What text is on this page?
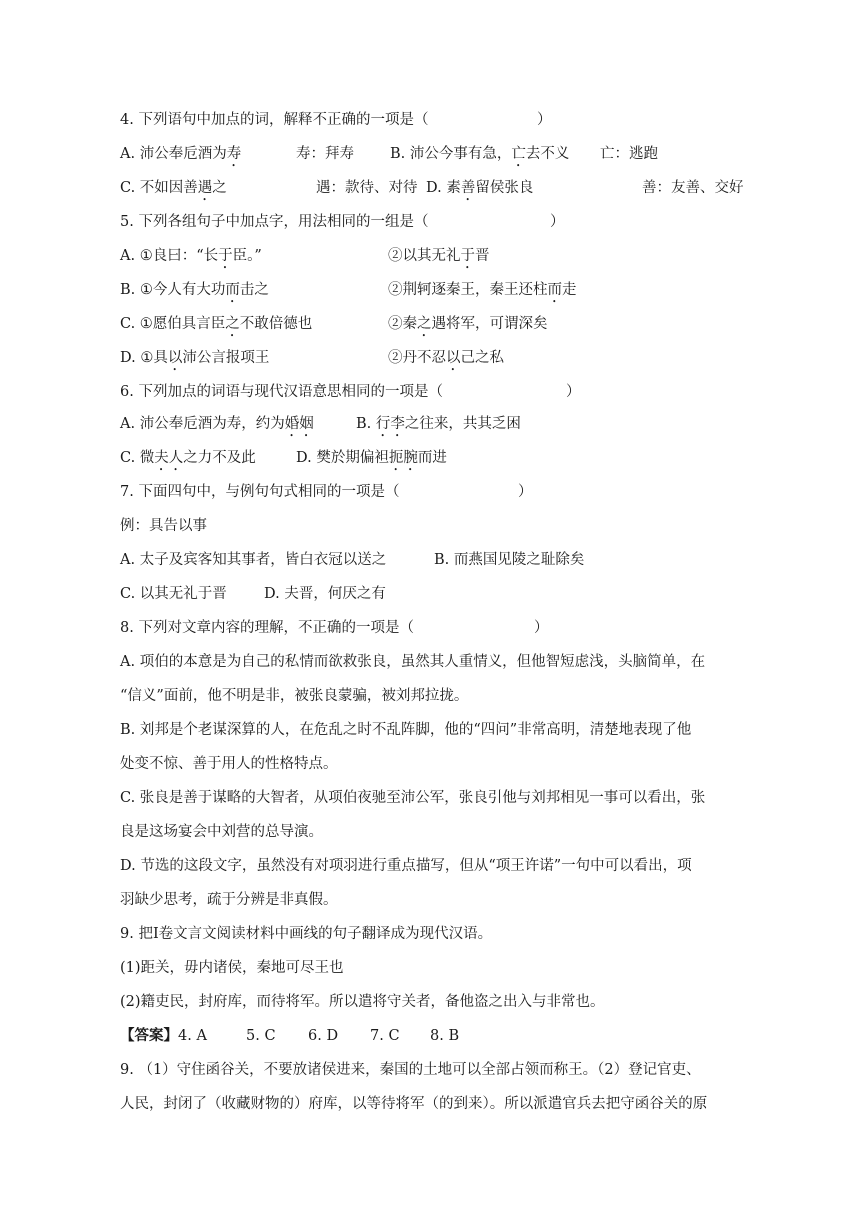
4. 下列语句中加点的词，解释不正确的一项是（	）
A. 沛公奉卮酒为寿	寿：拜寿 B. 沛公今事有急，亡去不义 亡：逃跑
C. 不如因善遇之	遇：款待、对待 D. 素善留侯张良	善：友善、交好
5. 下列各组句子中加点字，用法相同的一组是（	）
A. ①良曰：“长于臣。”	②以其无礼于晋
B. ①今人有大功而击之	②荆轲逐秦王，秦王还柱而走
C. ①愿伯具言臣之不敢倍德也	②秦之遇将军，可谓深矣
D. ①具以沛公言报项王	②丹不忍以己之私
6. 下列加点的词语与现代汉语意思相同的一项是（	）
A. 沛公奉卮酒为寿，约为婚姻	B. 行李之往来，共其乏困
C. 微夫人之力不及此	D. 樊於期偏袒扼腕而进
7. 下面四句中，与例句句式相同的一项是（	）
例：具告以事
A. 太子及宾客知其事者，皆白衣冠以送之	B. 而燕国见陵之耻除矣
C. 以其无礼于晋	D. 夫晋，何厌之有
8. 下列对文章内容的理解，不正确的一项是（	）
A. 项伯的本意是为自己的私情而欲救张良，虽然其人重情义，但他智短虑浅，头脑简单，在
“信义”面前，他不明是非，被张良蒙骗，被刘邦拉拢。
B. 刘邦是个老谋深算的人，在危乱之时不乱阵脚，他的“四问”非常高明，清楚地表现了他
处变不惊、善于用人的性格特点。
C. 张良是善于谋略的大智者，从项伯夜驰至沛公军，张良引他与刘邦相见一事可以看出，张
良是这场宴会中刘营的总导演。
D. 节选的这段文字，虽然没有对项羽进行重点描写，但从“项王许诺”一句中可以看出，项
羽缺少思考，疏于分辨是非真假。
9. 把Ⅰ卷文言文阅读材料中画线的句子翻译成为现代汉语。
(1)距关，毋内诸侯，秦地可尽王也
(2)籍吏民，封府库，而待将军。所以遣将守关者，备他盗之出入与非常也。
【答案】 4. A	5. C 6. D 7. C 8. B
9. （1）守住函谷关，不要放诸侯进来，秦国的土地可以全部占领而称王。（2）登记官吏、
人民，封闭了（收藏财物的）府库，以等待将军（的到来）。所以派遣官兵去把守函谷关的原
